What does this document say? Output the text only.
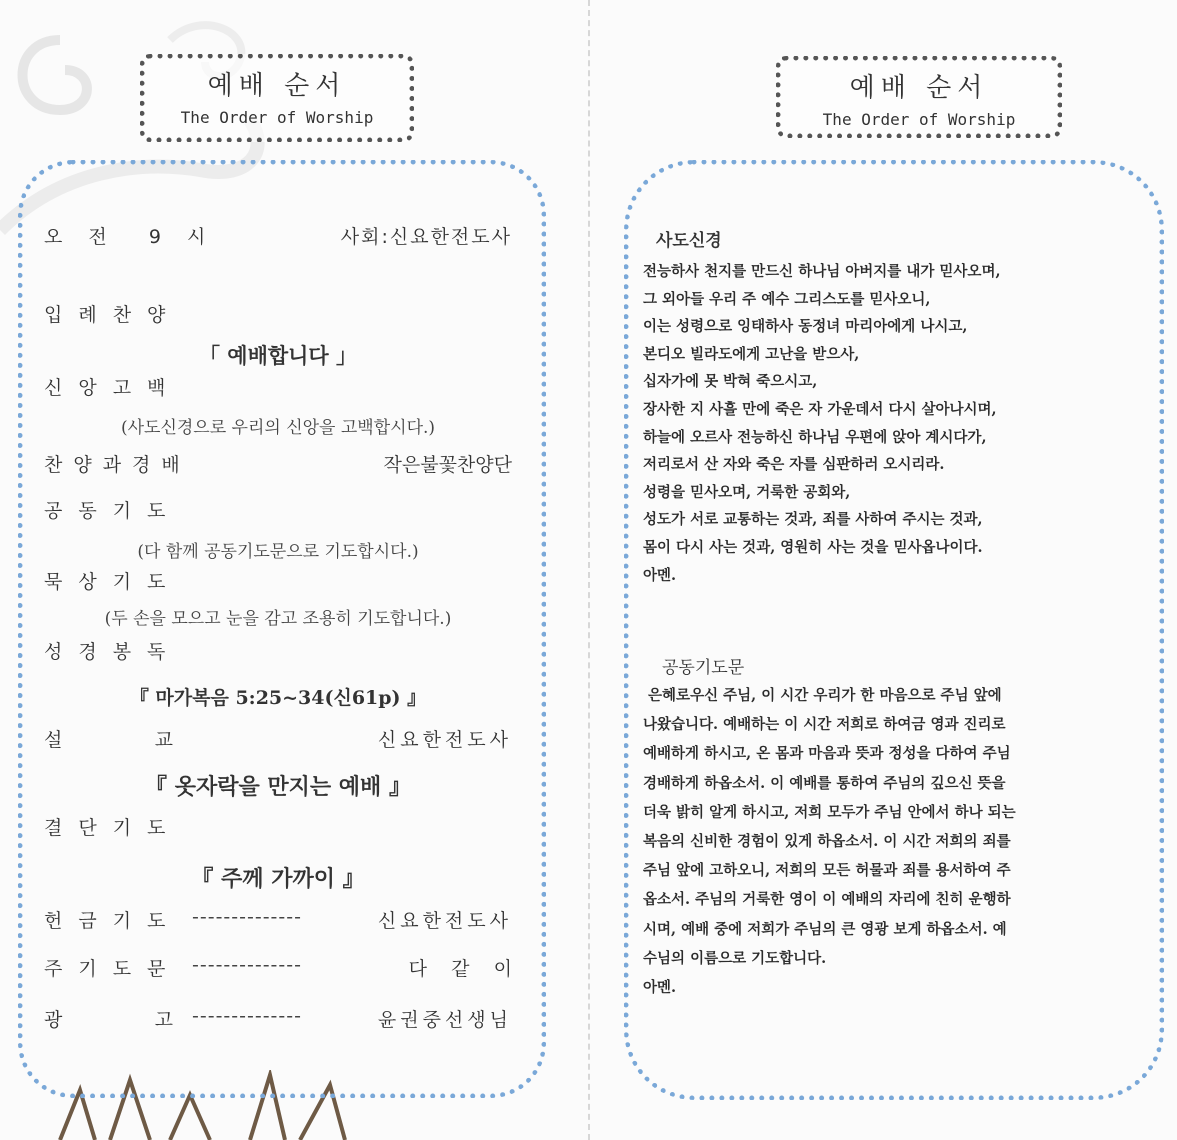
예배 순서
The Order of Worship
오 전  9 시	사회:신요한전도사
입례찬양
「 예배합니다 」
신앙고백
(사도신경으로 우리의 신앙을 고백합시다.)
찬양과경배	작은불꽃찬양단
공동기도
(다 함께 공동기도문으로 기도합시다.)
묵상기도
(두 손을 모으고 눈을 감고 조용히 기도합니다.)
성경봉독
『 마가복음 5:25~34(신61p) 』
설      교	신요한전도사
『 옷자락을 만지는 예배 』
결단기도
『 주께 가까이 』
헌금기도 --------------	신요한전도사
주기도문 --------------	다    같    이
광      고 --------------	윤권중선생님
예배 순서
The Order of Worship
사도신경
전능하사 천지를 만드신 하나님 아버지를 내가 믿사오며,
그 외아들 우리 주 예수 그리스도를 믿사오니,
이는 성령으로 잉태하사 동정녀 마리아에게 나시고,
본디오 빌라도에게 고난을 받으사,
십자가에 못 박혀 죽으시고,
장사한 지 사흘 만에 죽은 자 가운데서 다시 살아나시며,
하늘에 오르사 전능하신 하나님 우편에 앉아 계시다가,
저리로서 산 자와 죽은 자를 심판하러 오시리라.
성령을 믿사오며, 거룩한 공회와,
성도가 서로 교통하는 것과, 죄를 사하여 주시는 것과,
몸이 다시 사는 것과, 영원히 사는 것을 믿사옵나이다.
아멘.
공동기도문
은혜로우신 주님, 이 시간 우리가 한 마음으로 주님 앞에
나왔습니다. 예배하는 이 시간 저희로 하여금 영과 진리로
예배하게 하시고, 온 몸과 마음과 뜻과 정성을 다하여 주님
경배하게 하옵소서. 이 예배를 통하여 주님의 깊으신 뜻을
더욱 밝히 알게 하시고, 저희 모두가 주님 안에서 하나 되는
복음의 신비한 경험이 있게 하옵소서. 이 시간 저희의 죄를
주님 앞에 고하오니, 저희의 모든 허물과 죄를 용서하여 주
옵소서. 주님의 거룩한 영이 이 예배의 자리에 친히 운행하
시며, 예배 중에 저희가 주님의 큰 영광 보게 하옵소서. 예
수님의 이름으로 기도합니다.
아멘.
